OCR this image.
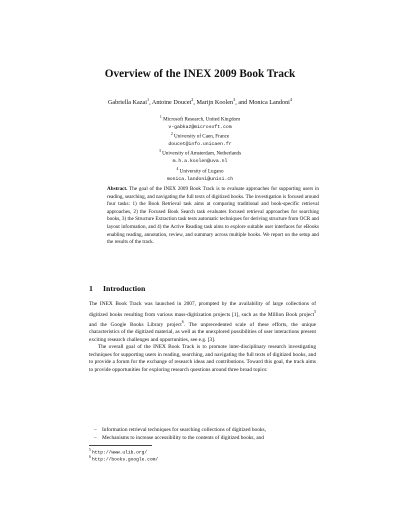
Overview of the INEX 2009 Book Track
Gabriella Kazai$^1$, Antoine Doucet$^2$, Marijn Koolen$^3$, and Monica Landoni$^4$
$^1$ Microsoft Research, United Kingdom
v-gabkaz@microsoft.com
$^2$ University of Caen, France
doucet@info.unicaen.fr
$^3$ University of Amsterdam, Netherlands
m.h.a.koolen@uva.nl
$^4$ University of Lugano
monica.landoni@unisi.ch
Abstract. The goal of the INEX 2009 Book Track is to evaluate approaches for supporting users in reading, searching, and navigating the full texts of digitized books. The investigation is focused around four tasks: 1) the Book Retrieval task aims at comparing traditional and book-specific retrieval approaches, 2) the Focused Book Search task evaluates focused retrieval approaches for searching books, 3) the Structure Extraction task tests automatic techniques for deriving structure from OCR and layout information, and 4) the Active Reading task aims to explore suitable user interfaces for eBooks enabling reading, annotation, review, and summary across multiple books. We report on the setup and the results of the track.
1 Introduction

The INEX Book Track was launched in 2007, prompted by the availability of large collections of digitized books resulting from various mass-digitization projects [1], such as the Million Book project$^5$ and the Google Books Library project$^6$. The unprecedented scale of these efforts, the unique characteristics of the digitized material, as well as the unexplored possibilities of user interactions present exciting research challenges and opportunities, see e.g. [3].

The overall goal of the INEX Book Track is to promote inter-disciplinary research investigating techniques for supporting users in reading, searching, and navigating the full texts of digitized books, and to provide a forum for the exchange of research ideas and contributions. Toward this goal, the track aims to provide opportunities for exploring research questions around three broad topics:

– Information retrieval techniques for searching collections of digitized books,
– Mechanisms to increase accessibility to the contents of digitized books, and
$^5$ http://www.ulib.org/
$^6$ http://books.google.com/
